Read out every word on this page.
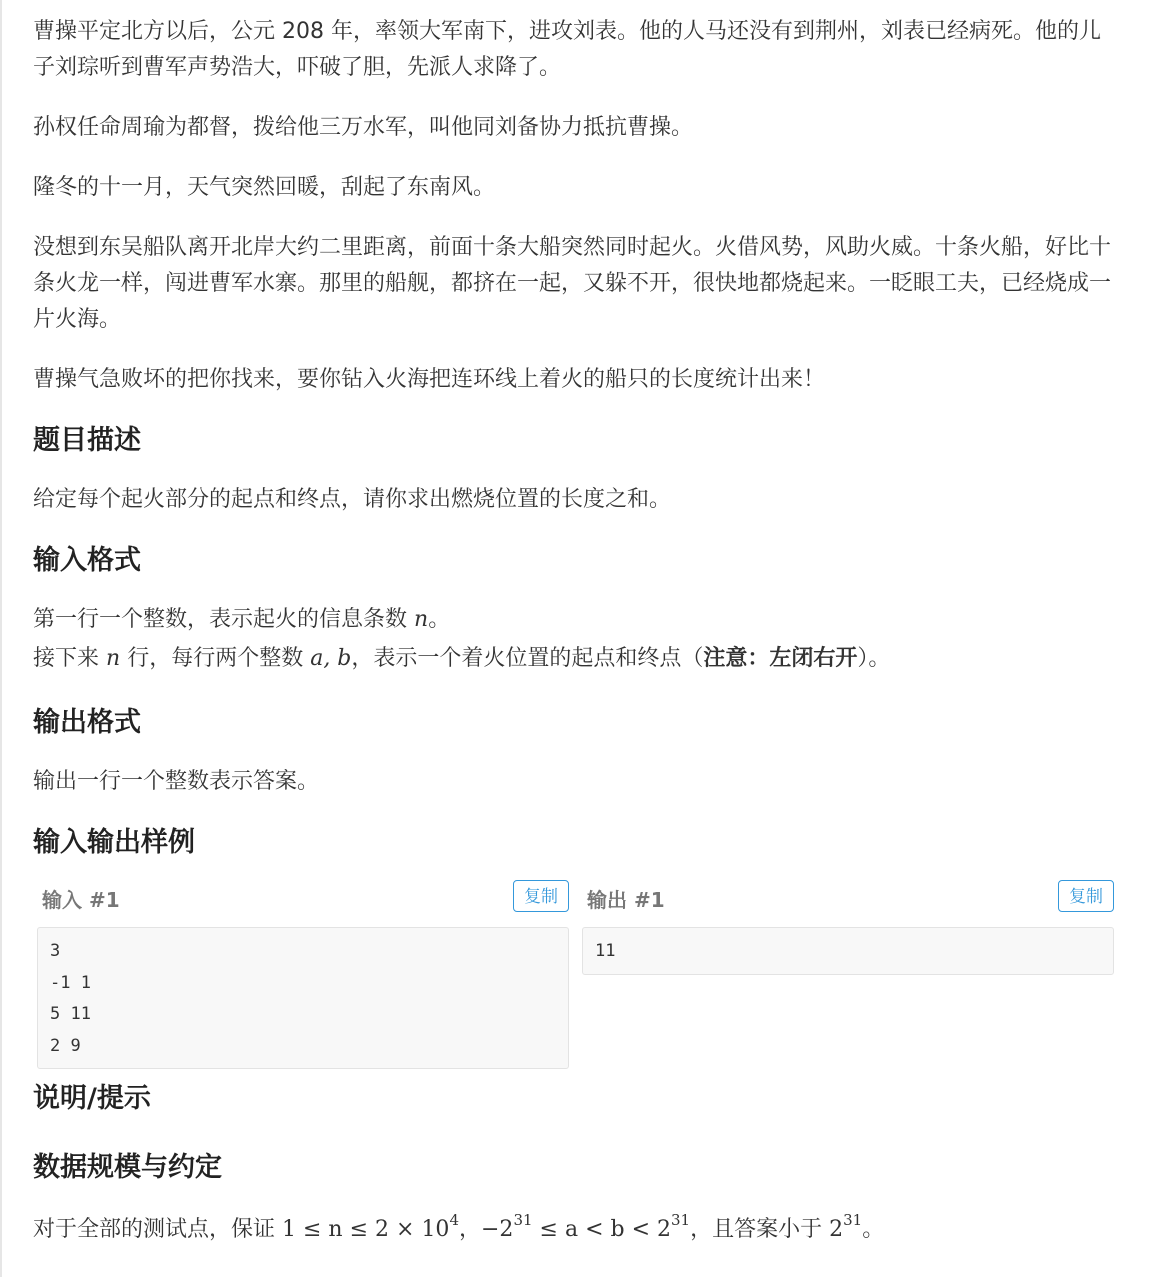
曹操平定北方以后，公元 208 年，率领大军南下，进攻刘表。他的人马还没有到荆州，刘表已经病死。他的儿子刘琮听到曹军声势浩大，吓破了胆，先派人求降了。

孙权任命周瑜为都督，拨给他三万水军，叫他同刘备协力抵抗曹操。

隆冬的十一月，天气突然回暖，刮起了东南风。

没想到东吴船队离开北岸大约二里距离，前面十条大船突然同时起火。火借风势，风助火威。十条火船，好比十条火龙一样，闯进曹军水寨。那里的船舰，都挤在一起，又躲不开，很快地都烧起来。一眨眼工夫，已经烧成一片火海。

曹操气急败坏的把你找来，要你钻入火海把连环线上着火的船只的长度统计出来！

题目描述

给定每个起火部分的起点和终点，请你求出燃烧位置的长度之和。

输入格式

第一行一个整数，表示起火的信息条数 n。

接下来 n 行，每行两个整数 a, b，表示一个着火位置的起点和终点（注意：左闭右开）。

输出格式

输出一行一个整数表示答案。

输入输出样例
输入 #1	复制
3
-1 1
5 11
2 9
输出 #1	复制
11
说明/提示
数据规模与约定

对于全部的测试点，保证 $1 \le n \le 2 \times 10^4$，$-2^{31} \le a < b < 2^{31}$，且答案小于 $2^{31}$。
